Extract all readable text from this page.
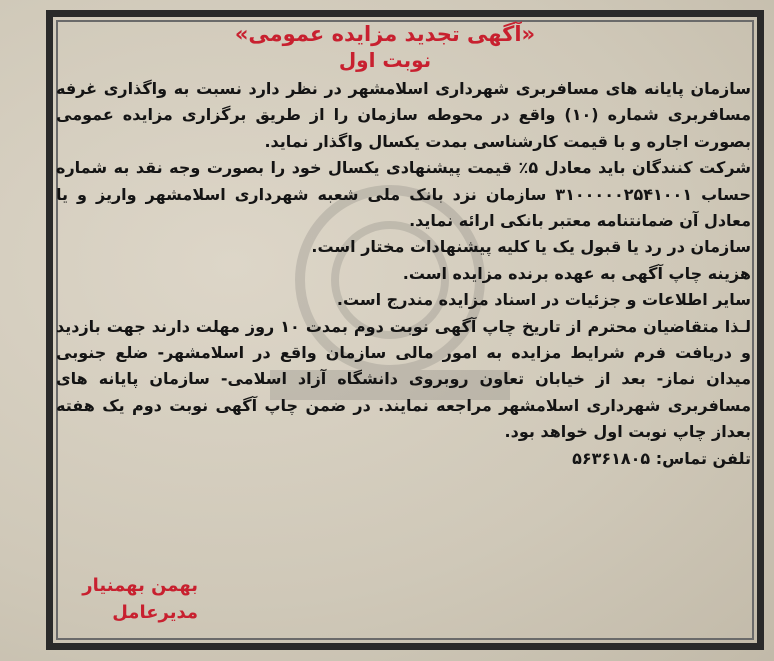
«آگهی تجدید مزایده عمومی»
نوبت اول

سازمان پایانه های مسافربری شهرداری اسلامشهر در نظر دارد نسبت به واگذاری غرفه مسافربری شماره (۱۰) واقع در محوطه سازمان را از طریق برگزاری مزایده عمومی بصورت اجاره و با قیمت کارشناسی بمدت یکسال واگذار نماید.

شرکت کنندگان باید معادل ۵٪ قیمت پیشنهادی یکسال خود را بصورت وجه نقد به شماره حساب ۳۱۰۰۰۰۰۲۵۴۱۰۰۱ سازمان نزد بانک ملی شعبه شهرداری اسلامشهر واریز و یا معادل آن ضمانتنامه معتبر بانکی ارائه نماید.

سازمان در رد یا قبول یک یا کلیه پیشنهادات مختار است.

هزینه چاپ آگهی به عهده برنده مزایده است.

سایر اطلاعات و جزئیات در اسناد مزایده مندرج است.

لـذا متقاضیان محترم از تاریخ چاپ آگهی نوبت دوم بمدت ۱۰ روز مهلت دارند جهت بازدید و دریافت فرم شرایط مزایده به امور مالی سازمان واقع در اسلامشهر- ضلع جنوبی میدان نماز- بعد از خیابان تعاون روبروی دانشگاه آزاد اسلامی- سازمان پایانه های مسافربری شهرداری اسلامشهر مراجعه نمایند. در ضمن چاپ آگهی نوبت دوم یک هفته بعداز چاپ نوبت اول خواهد بود.

تلفن تماس: ۵۶۳۶۱۸۰۵

بهمن بهمنیار
مدیرعامل
